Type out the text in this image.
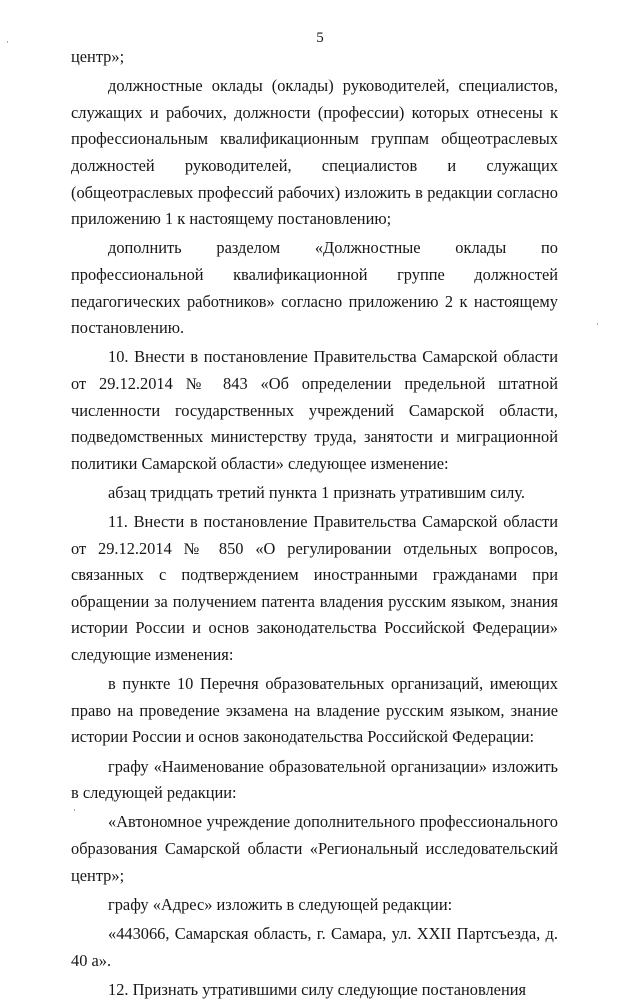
5
·
·
·

центр»;

должностные оклады (оклады) руководителей, специалистов, служащих и рабочих, должности (профессии) которых отнесены к профессиональным квалификационным группам общеотраслевых должностей руководителей, специалистов и служащих (общеотраслевых профессий рабочих) изложить в редакции согласно приложению 1 к настоящему постановлению;

дополнить разделом «Должностные оклады по профессиональной квалификационной группе должностей педагогических работников» согласно приложению 2 к настоящему постановлению.

10. Внести в постановление Правительства Самарской области от 29.12.2014 № 843 «Об определении предельной штатной численности государственных учреждений Самарской области, подведомственных министерству труда, занятости и миграционной политики Самарской области» следующее изменение:

абзац тридцать третий пункта 1 признать утратившим силу.

11. Внести в постановление Правительства Самарской области от 29.12.2014 № 850 «О регулировании отдельных вопросов, связанных с подтверждением иностранными гражданами при обращении за получением патента владения русским языком, знания истории России и основ законодательства Российской Федерации» следующие изменения:

в пункте 10 Перечня образовательных организаций, имеющих право на проведение экзамена на владение русским языком, знание истории России и основ законодательства Российской Федерации:

графу «Наименование образовательной организации» изложить в следующей редакции:

«Автономное учреждение дополнительного профессионального образования Самарской области «Региональный исследовательский центр»;

графу «Адрес» изложить в следующей редакции:

«443066, Самарская область, г. Самара, ул. XXII Партсъезда, д. 40 а».

12. Признать утратившими силу следующие постановления
